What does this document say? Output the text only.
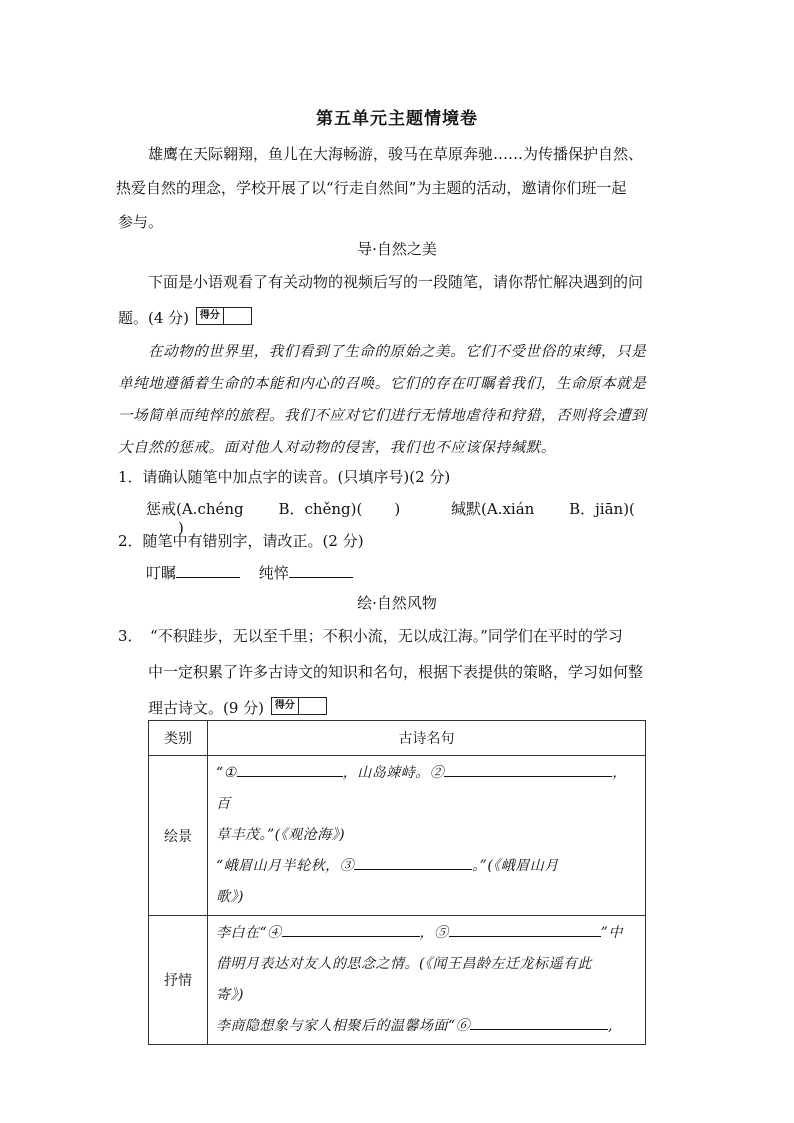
第五单元主题情境卷
雄鹰在天际翱翔，鱼儿在大海畅游，骏马在草原奔驰……为传播保护自然、
热爱自然的理念，学校开展了以“行走自然间”为主题的活动，邀请你们班一起
参与。
导·自然之美
下面是小语观看了有关动物的视频后写的一段随笔，请你帮忙解决遇到的问
题。(4 分) 得分
在动物的世界里，我们看到了生命的原始之美。它们不受世俗的束缚，只是
单纯地遵循着生命的本能和内心的召唤。它们的存在叮瞩着我们，生命原本就是
一场简单而纯悴的旅程。我们不应对它们进行无情地虐待和狩猎，否则将会遭到
大自然的惩戒。面对他人对动物的侵害，我们也不应该保持缄默。
1．请确认随笔中加点字的读音。(只填序号)(2 分)
惩戒(A.chéng B．chěng)( )	缄默(A.xián B．jiān)()
2．随笔中有错别字，请改正。(2 分)
叮瞩	纯悴
绘·自然风物
3．　“不积跬步，无以至千里；不积小流，无以成江海。”同学们在平时的学习
中一定积累了许多古诗文的知识和名句，根据下表提供的策略，学习如何整
理古诗文。(9 分) 得分
类别	古诗名句
绘景	“① ，山岛竦峙。② ，百
草丰茂。”(《观沧海》)
“峨眉山月半轮秋，③ 。”(《峨眉山月
歌》)

抒情	李白在“④ ，⑤ ”中
借明月表达对友人的思念之情。(《闻王昌龄左迁龙标遥有此
寄》)
李商隐想象与家人相聚后的温馨场面“⑥ ,
